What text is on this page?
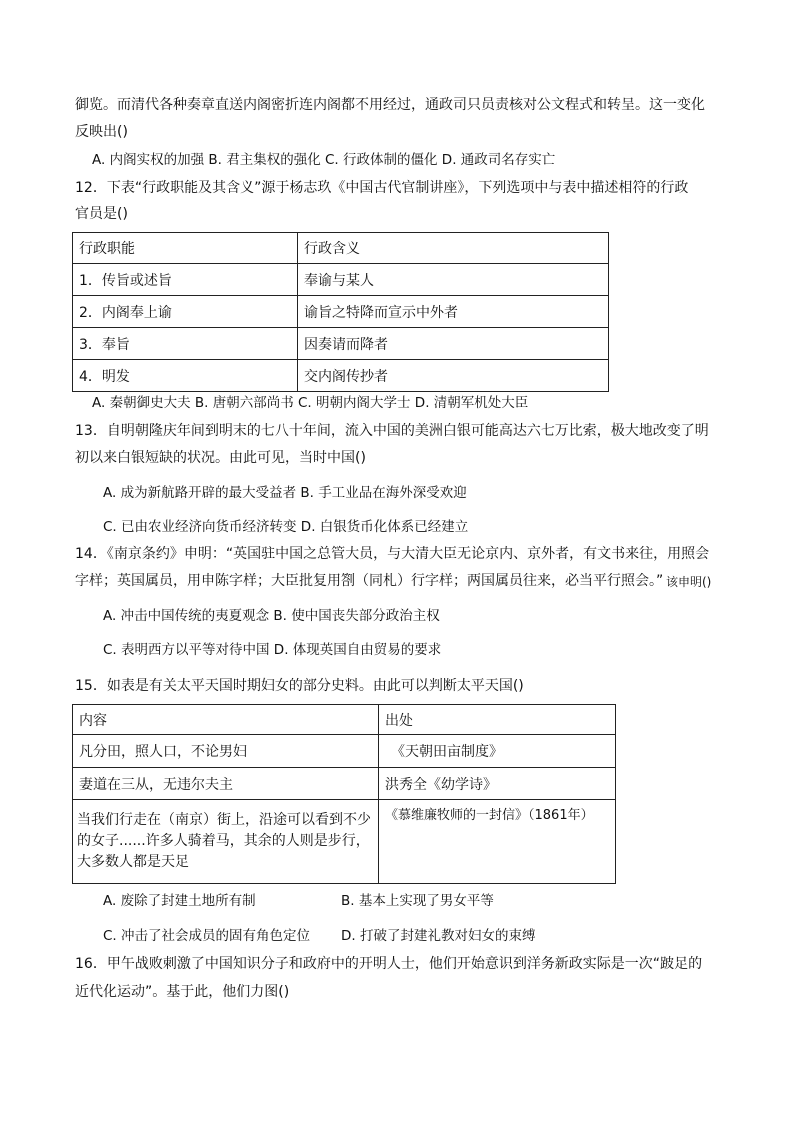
御览。而清代各种奏章直送内阁密折连内阁都不用经过，通政司只员责核对公文程式和转呈。这一变化
反映出()
A. 内阁实权的加强 B. 君主集权的强化 C. 行政体制的僵化 D. 通政司名存实亡
12．下表“行政职能及其含义”源于杨志玖《中国古代官制讲座》，下列选项中与表中描述相符的行政
官员是()
行政职能	行政含义
1．传旨或述旨	奉谕与某人
2．内阁奉上谕	谕旨之特降而宣示中外者
3．奉旨	因奏请而降者
4．明发	交内阁传抄者
A. 秦朝御史大夫 B. 唐朝六部尚书 C. 明朝内阁大学士 D. 清朝军机处大臣
13．自明朝隆庆年间到明末的七八十年间，流入中国的美洲白银可能高达六七万比索，极大地改变了明
初以来白银短缺的状况。由此可见，当时中国()
A. 成为新航路开辟的最大受益者 B. 手工业品在海外深受欢迎
C. 已由农业经济向货币经济转变 D. 白银货币化体系已经建立
14．《南京条约》申明：“英国驻中国之总管大员，与大清大臣无论京内、京外者，有文书来往，用照会
字样；英国属员，用申陈字样；大臣批复用劄（同札）行字样；两国属员往来，必当平行照会。” 该申明()
A. 冲击中国传统的夷夏观念 B. 使中国丧失部分政治主权
C. 表明西方以平等对待中国 D. 体现英国自由贸易的要求
15．如表是有关太平天国时期妇女的部分史料。由此可以判断太平天国()
内容	出处
凡分田，照人口，不论男妇	《天朝田亩制度》
妻道在三从，无违尔夫主	洪秀全《幼学诗》
当我们行走在（南京）街上，沿途可以看到不少的女子......许多人骑着马，其余的人则是步行，大多数人都是天足	《慕维廉牧师的一封信》（1861年）
A. 废除了封建土地所有制	B. 基本上实现了男女平等
C. 冲击了社会成员的固有角色定位 D. 打破了封建礼教对妇女的束缚
16．甲午战败刺激了中国知识分子和政府中的开明人士，他们开始意识到洋务新政实际是一次“跛足的
近代化运动”。基于此，他们力图()
